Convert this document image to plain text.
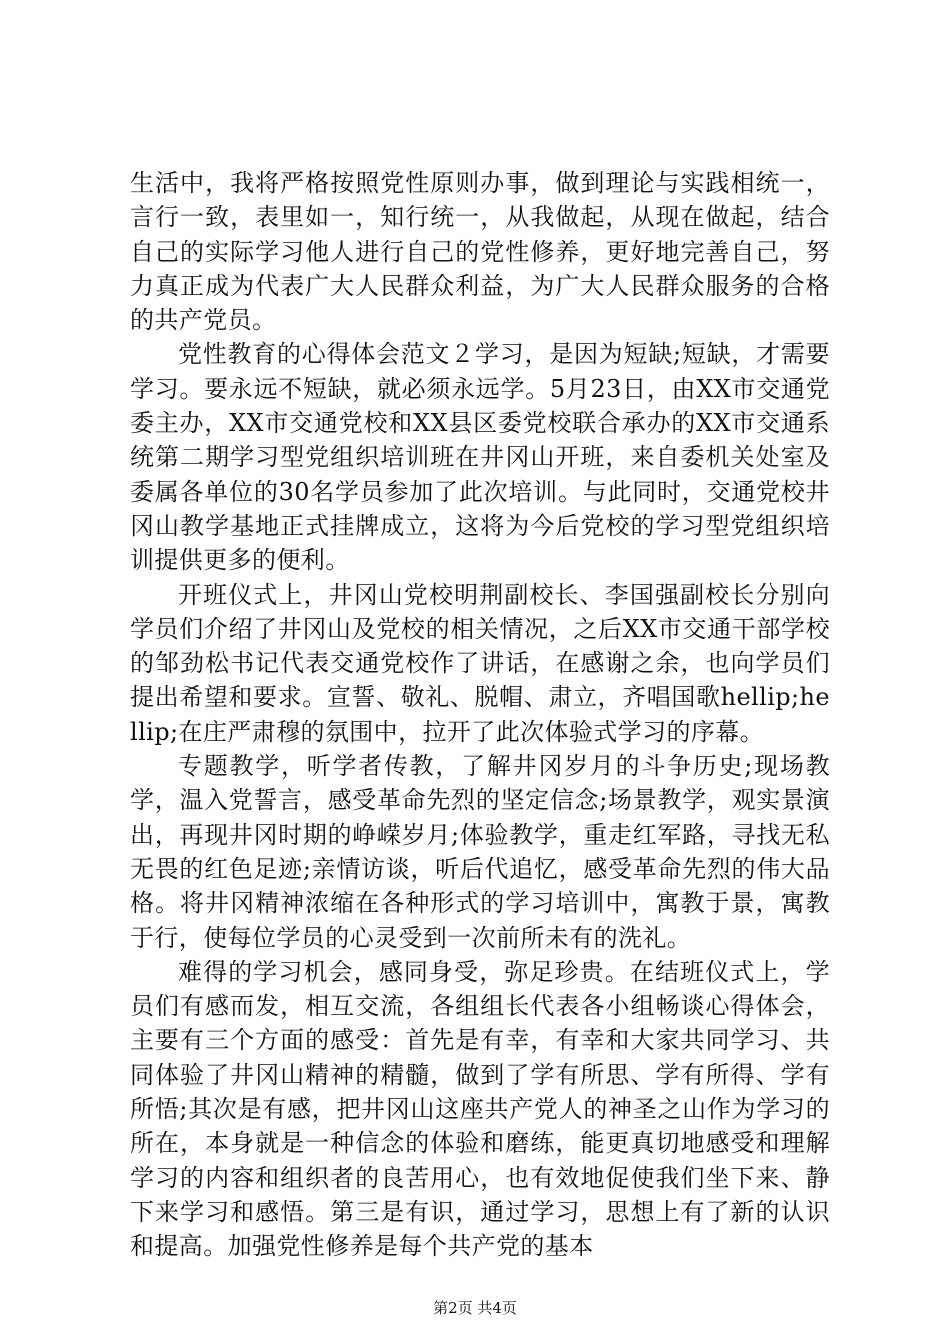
生活中，我将严格按照党性原则办事，做到理论与实践相统一，言行一致，表里如一，知行统一，从我做起，从现在做起，结合自己的实际学习他人进行自己的党性修养，更好地完善自己，努力真正成为代表广大人民群众利益，为广大人民群众服务的合格的共产党员。

党性教育的心得体会范文２学习，是因为短缺;短缺，才需要学习。要永远不短缺，就必须永远学。5月23日，由XX市交通党委主办，XX市交通党校和XX县区委党校联合承办的XX市交通系统第二期学习型党组织培训班在井冈山开班，来自委机关处室及委属各单位的30名学员参加了此次培训。与此同时，交通党校井冈山教学基地正式挂牌成立，这将为今后党校的学习型党组织培训提供更多的便利。

开班仪式上，井冈山党校明荆副校长、李国强副校长分别向学员们介绍了井冈山及党校的相关情况，之后XX市交通干部学校的邹劲松书记代表交通党校作了讲话，在感谢之余，也向学员们提出希望和要求。宣誓、敬礼、脱帽、肃立，齐唱国歌hellip;hellip;在庄严肃穆的氛围中，拉开了此次体验式学习的序幕。

专题教学，听学者传教，了解井冈岁月的斗争历史;现场教学，温入党誓言，感受革命先烈的坚定信念;场景教学，观实景演出，再现井冈时期的峥嵘岁月;体验教学，重走红军路，寻找无私无畏的红色足迹;亲情访谈，听后代追忆，感受革命先烈的伟大品格。将井冈精神浓缩在各种形式的学习培训中，寓教于景，寓教于行，使每位学员的心灵受到一次前所未有的洗礼。

难得的学习机会，感同身受，弥足珍贵。在结班仪式上，学员们有感而发，相互交流，各组组长代表各小组畅谈心得体会，主要有三个方面的感受：首先是有幸，有幸和大家共同学习、共同体验了井冈山精神的精髓，做到了学有所思、学有所得、学有所悟;其次是有感，把井冈山这座共产党人的神圣之山作为学习的所在，本身就是一种信念的体验和磨练，能更真切地感受和理解学习的内容和组织者的良苦用心，也有效地促使我们坐下来、静下来学习和感悟。第三是有识，通过学习，思想上有了新的认识和提高。加强党性修养是每个共产党的基本

第2页 共4页
